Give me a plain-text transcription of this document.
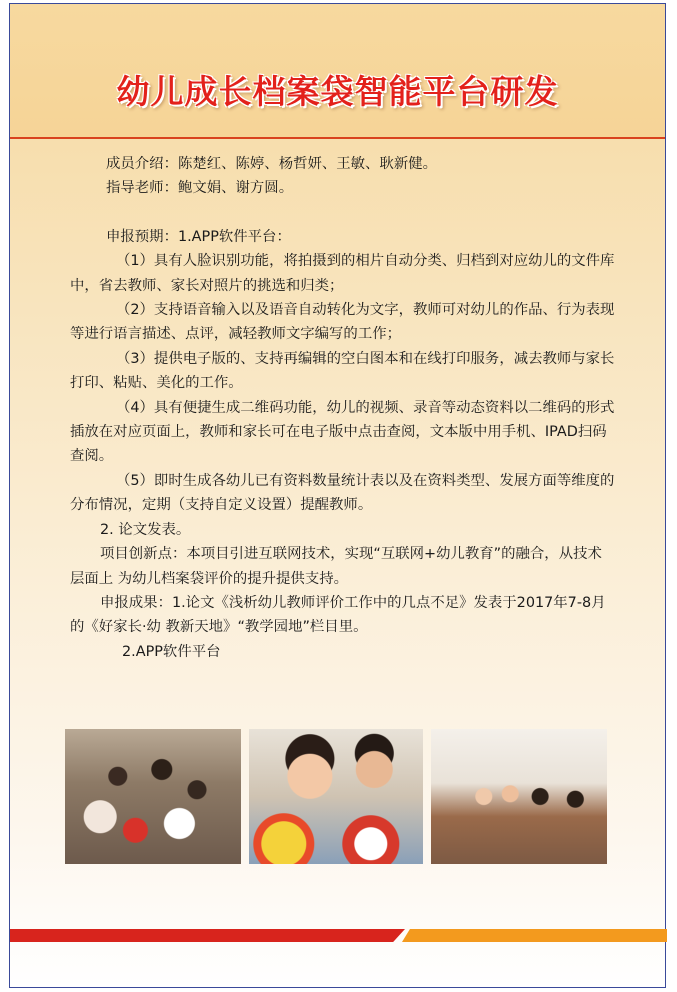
幼儿成长档案袋智能平台研发

成员介绍：陈楚红、陈婷、杨哲妍、王敏、耿新健。

指导老师：鲍文娟、谢方圆。

申报预期：1.APP软件平台：

（1）具有人脸识别功能，将拍摄到的相片自动分类、归档到对应幼儿的文件库中，省去教师、家长对照片的挑选和归类；

（2）支持语音输入以及语音自动转化为文字，教师可对幼儿的作品、行为表现等进行语言描述、点评，减轻教师文字编写的工作；

（3）提供电子版的、支持再编辑的空白图本和在线打印服务，减去教师与家长打印、粘贴、美化的工作。

（4）具有便捷生成二维码功能，幼儿的视频、录音等动态资料以二维码的形式插放在对应页面上，教师和家长可在电子版中点击查阅，文本版中用手机、IPAD扫码查阅。

（5）即时生成各幼儿已有资料数量统计表以及在资料类型、发展方面等维度的分布情况，定期（支持自定义设置）提醒教师。

2. 论文发表。

项目创新点：本项目引进互联网技术，实现“互联网+幼儿教育”的融合，从技术层面上 为幼儿档案袋评价的提升提供支持。

申报成果：1.论文《浅析幼儿教师评价工作中的几点不足》发表于2017年7-8月的《好家长·幼 教新天地》“教学园地”栏目里。

2.APP软件平台
